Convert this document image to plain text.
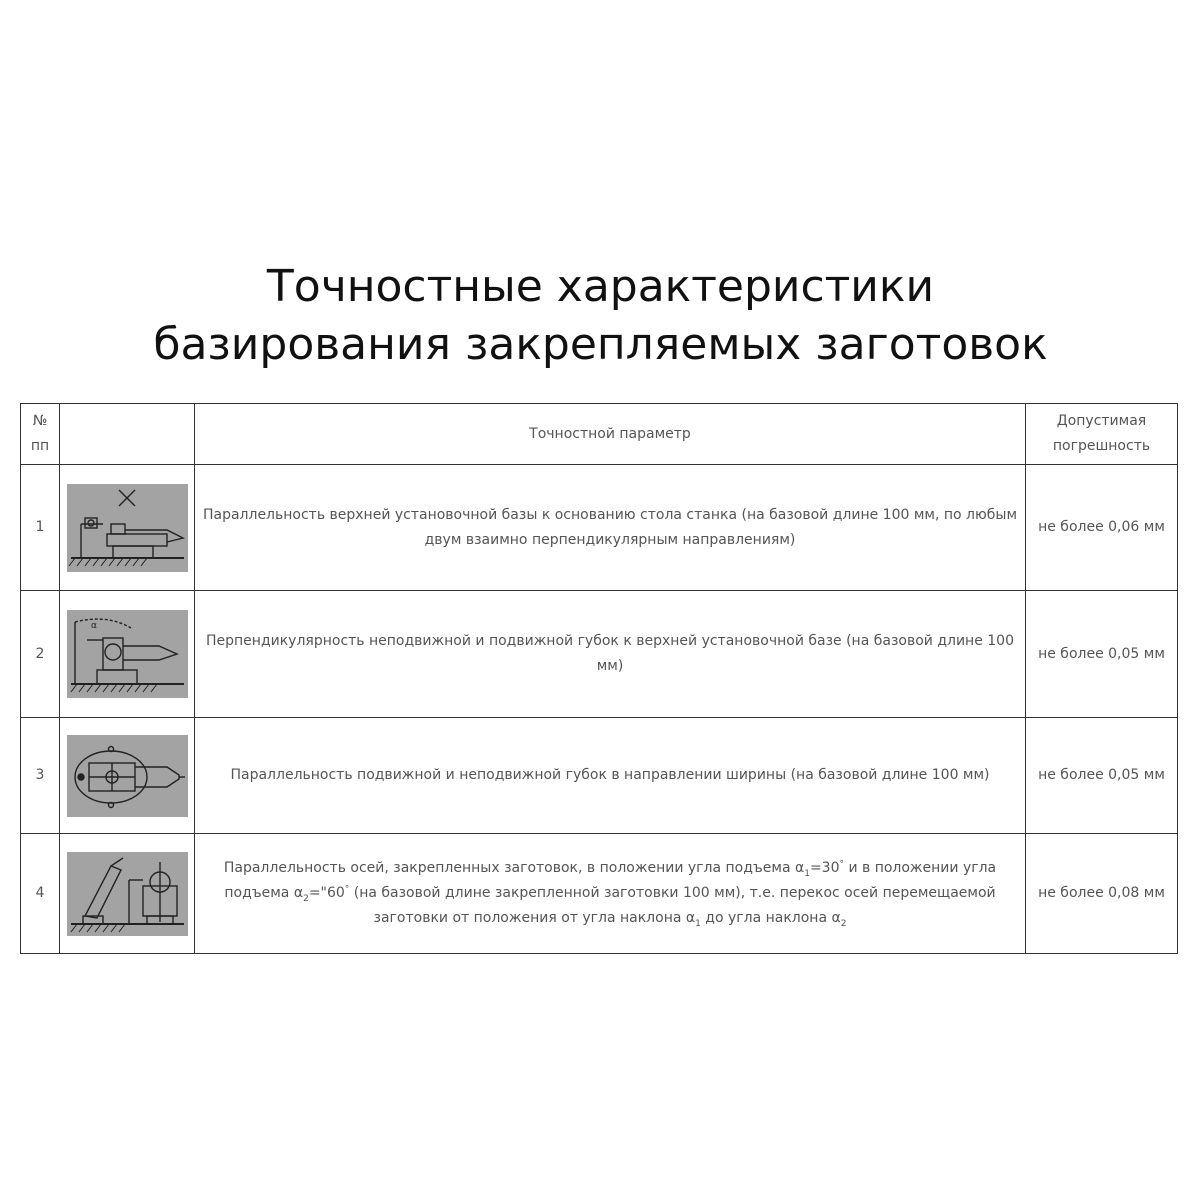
Точностные характеристики
базирования закрепляемых заготовок
№
пп		Точностной параметр	Допустимая
погрешность
1		Параллельность верхней установочной базы к основанию стола станка (на базовой длине 100 мм, по любым двум взаимно перпендикулярным направлениям)	не более 0,06 мм
2	α	Перпендикулярность неподвижной и подвижной губок к верхней установочной базе (на базовой длине 100 мм)	не более 0,05 мм
3		Параллельность подвижной и неподвижной губок в направлении ширины (на базовой длине 100 мм)	не более 0,05 мм
4		Параллельность осей, закрепленных заготовок, в положении угла подъема $\alpha_1=30^\circ$ и в положении угла подъема $\alpha_2="60^\circ$ (на базовой длине закрепленной заготовки 100 мм), т.е. перекос осей перемещаемой заготовки от положения от угла наклона $\alpha_1$ до угла наклона $\alpha_2$	не более 0,08 мм
